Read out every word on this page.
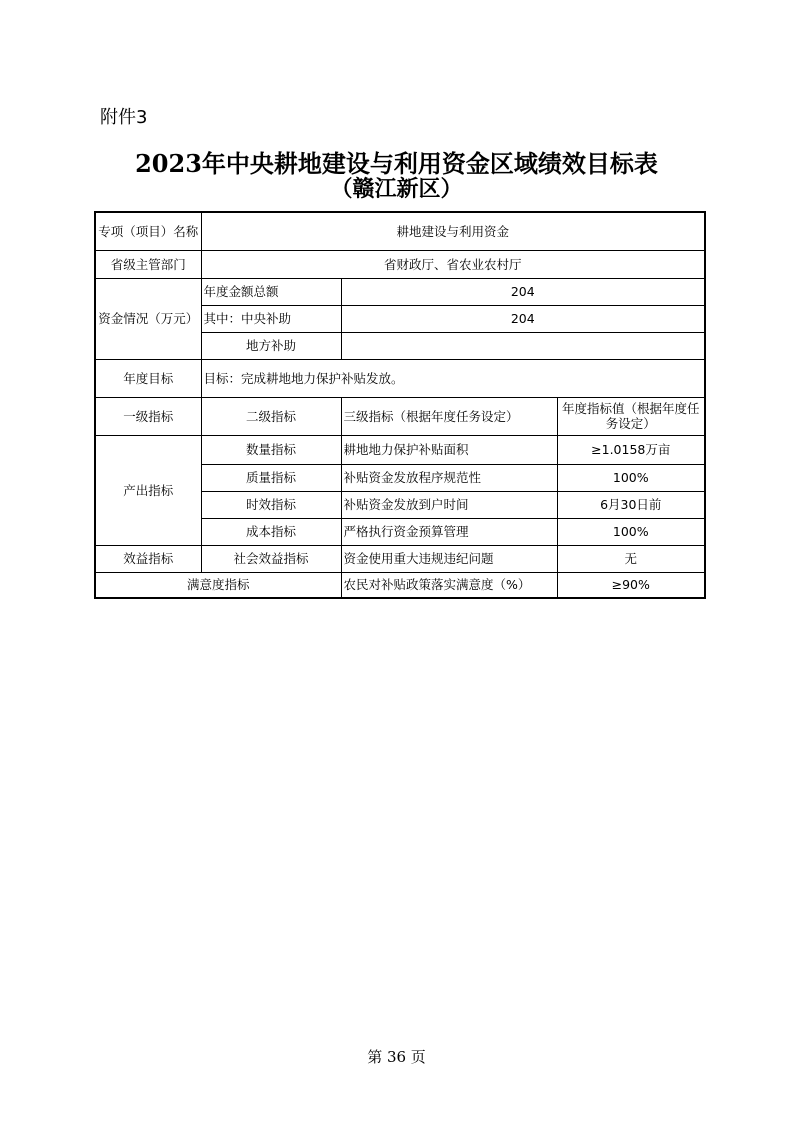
附件3
2023年中央耕地建设与利用资金区域绩效目标表
（赣江新区）
专项（项目）名称	耕地建设与利用资金		
省级主管部门	省财政厅、省农业农村厅		
资金情况（万元）	年度金额总额	204	
	其中：中央补助	204	
	地方补助		
年度目标	目标：完成耕地地力保护补贴发放。		
一级指标	二级指标	三级指标（根据年度任务设定）	年度指标值（根据年度任务设定）
产出指标	数量指标	耕地地力保护补贴面积	≥1.0158万亩
	质量指标	补贴资金发放程序规范性	100%
	时效指标	补贴资金发放到户时间	6月30日前
	成本指标	严格执行资金预算管理	100%
效益指标	社会效益指标	资金使用重大违规违纪问题	无
满意度指标		农民对补贴政策落实满意度（%）	≥90%
第 36 页
